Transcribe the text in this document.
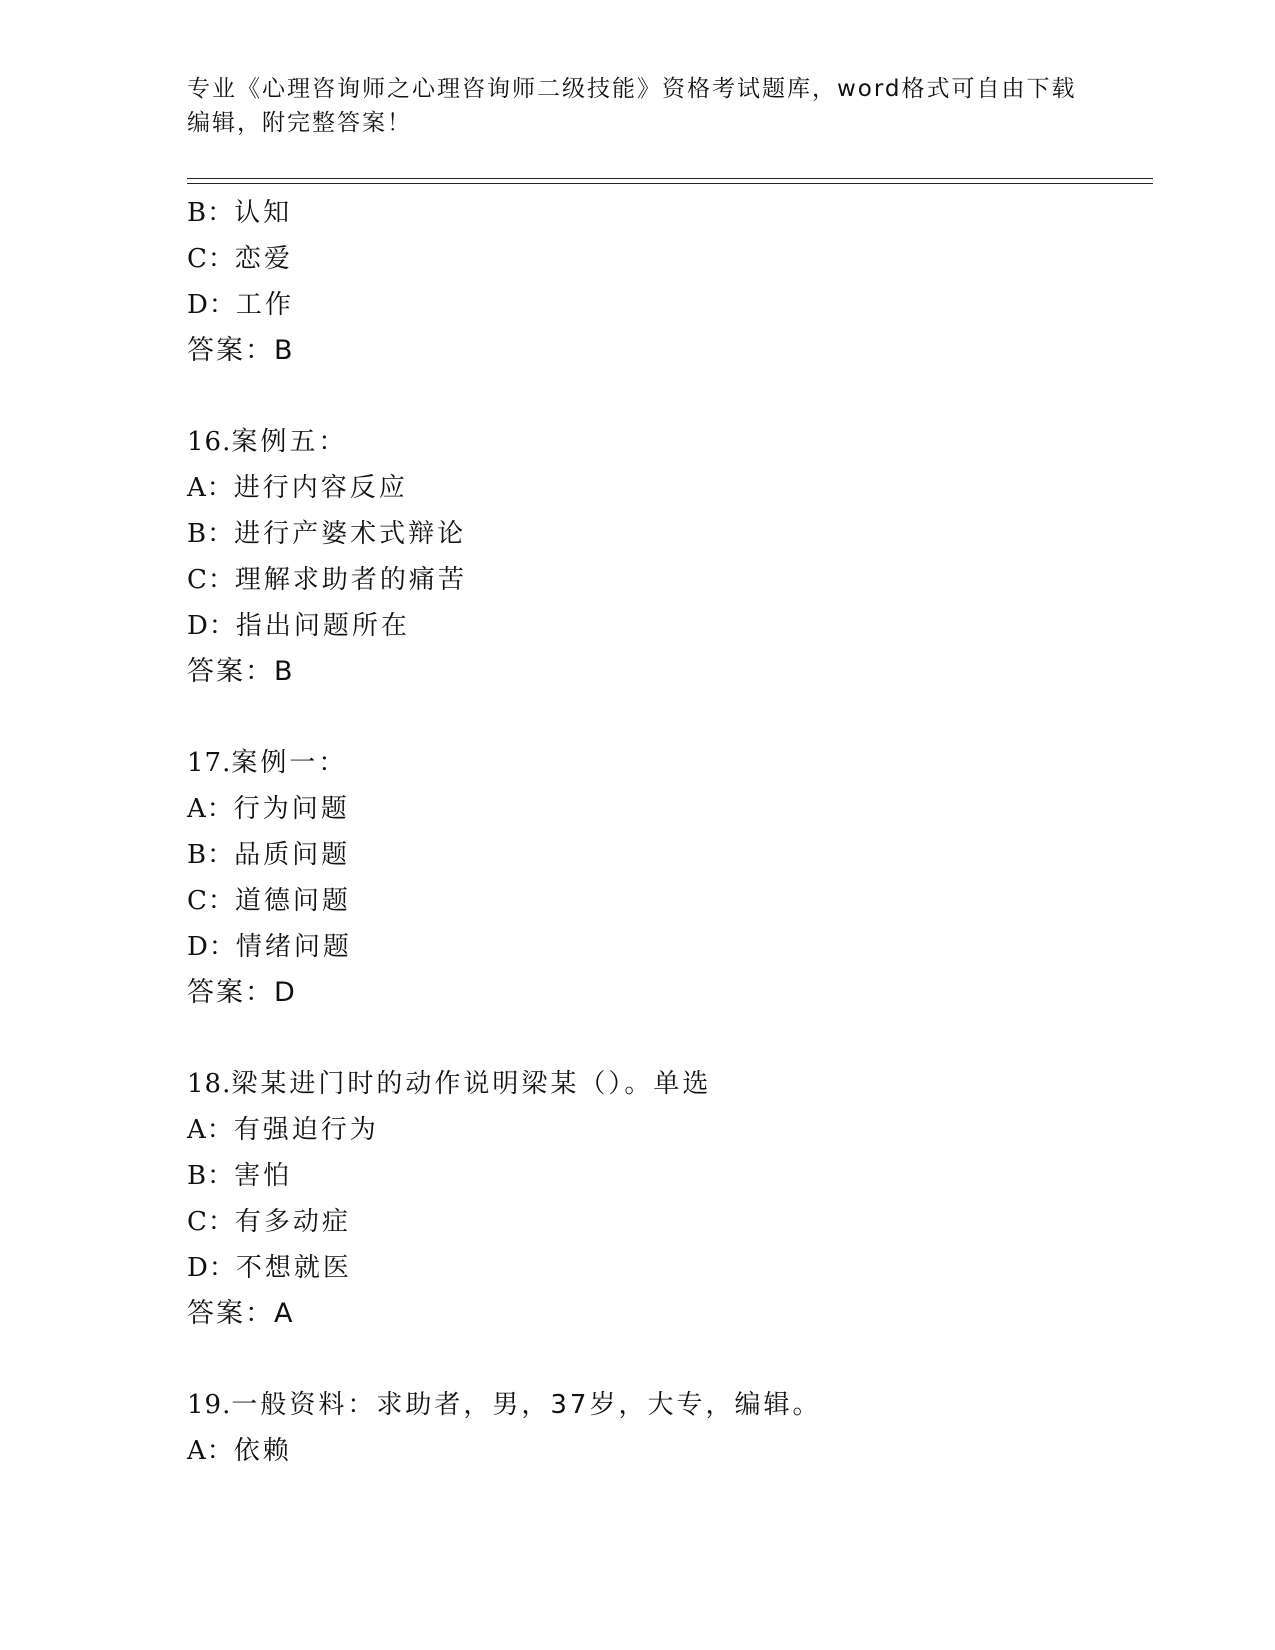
专业《心理咨询师之心理咨询师二级技能》资格考试题库，word格式可自由下载
编辑，附完整答案！
B：认知
C：恋爱
D：工作
答案：B
16.案例五：
A：进行内容反应
B：进行产婆术式辩论
C：理解求助者的痛苦
D：指出问题所在
答案：B
17.案例一：
A：行为问题
B：品质问题
C：道德问题
D：情绪问题
答案：D
18.梁某进门时的动作说明梁某（）。单选
A：有强迫行为
B：害怕
C：有多动症
D：不想就医
答案：A
19.一般资料：求助者，男，37岁，大专，编辑。
A：依赖
